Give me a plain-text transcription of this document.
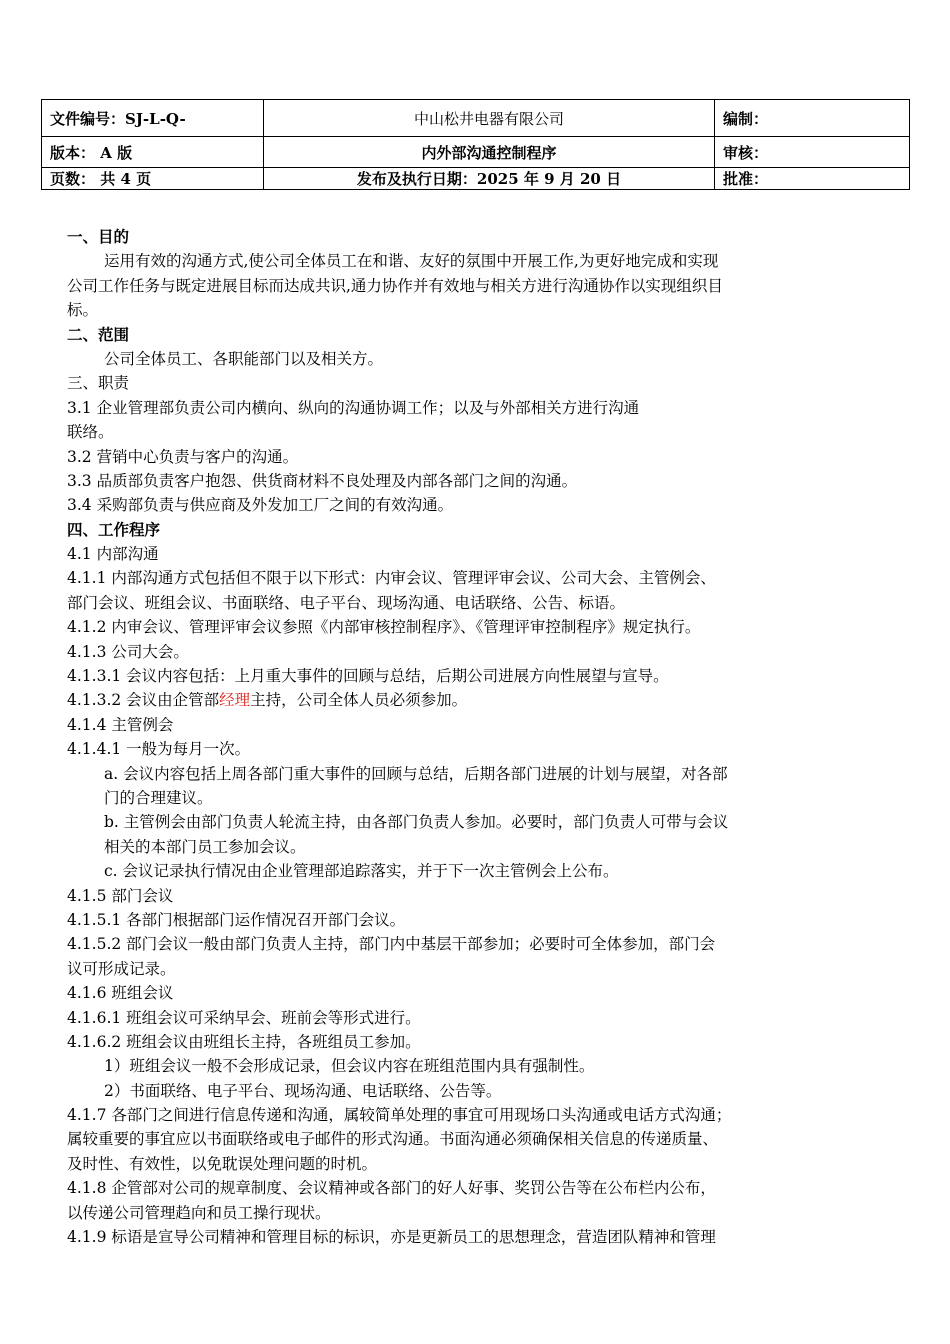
文件编号：SJ-L-Q-	中山松井电器有限公司	编制：
版本： A 版	内外部沟通控制程序	审核：
页数： 共 4 页	发布及执行日期：2025 年 9 月 20 日	批准：
一、目的
运用有效的沟通方式,使公司全体员工在和谐、友好的氛围中开展工作,为更好地完成和实现
公司工作任务与既定进展目标而达成共识,通力协作并有效地与相关方进行沟通协作以实现组织目
标。
二、范围
公司全体员工、各职能部门以及相关方。
三、职责
3.1 企业管理部负责公司内横向、纵向的沟通协调工作；以及与外部相关方进行沟通
联络。
3.2 营销中心负责与客户的沟通。
3.3 品质部负责客户抱怨、供货商材料不良处理及内部各部门之间的沟通。
3.4 采购部负责与供应商及外发加工厂之间的有效沟通。
四、工作程序
4.1 内部沟通
4.1.1 内部沟通方式包括但不限于以下形式：内审会议、管理评审会议、公司大会、主管例会、
部门会议、班组会议、书面联络、电子平台、现场沟通、电话联络、公告、标语。
4.1.2 内审会议、管理评审会议参照《内部审核控制程序》、《管理评审控制程序》规定执行。
4.1.3 公司大会。
4.1.3.1 会议内容包括：上月重大事件的回顾与总结，后期公司进展方向性展望与宣导。
4.1.3.2 会议由企管部经理主持，公司全体人员必须参加。
4.1.4 主管例会
4.1.4.1 一般为每月一次。
a. 会议内容包括上周各部门重大事件的回顾与总结，后期各部门进展的计划与展望，对各部
门的合理建议。
b. 主管例会由部门负责人轮流主持，由各部门负责人参加。必要时，部门负责人可带与会议
相关的本部门员工参加会议。
c. 会议记录执行情况由企业管理部追踪落实，并于下一次主管例会上公布。
4.1.5 部门会议
4.1.5.1 各部门根据部门运作情况召开部门会议。
4.1.5.2 部门会议一般由部门负责人主持，部门内中基层干部参加；必要时可全体参加，部门会
议可形成记录。
4.1.6 班组会议
4.1.6.1 班组会议可采纳早会、班前会等形式进行。
4.1.6.2 班组会议由班组长主持，各班组员工参加。
1）班组会议一般不会形成记录，但会议内容在班组范围内具有强制性。
2）书面联络、电子平台、现场沟通、电话联络、公告等。
4.1.7 各部门之间进行信息传递和沟通，属较简单处理的事宜可用现场口头沟通或电话方式沟通；
属较重要的事宜应以书面联络或电子邮件的形式沟通。书面沟通必须确保相关信息的传递质量、
及时性、有效性，以免耽误处理问题的时机。
4.1.8 企管部对公司的规章制度、会议精神或各部门的好人好事、奖罚公告等在公布栏内公布，
以传递公司管理趋向和员工操行现状。
4.1.9 标语是宣导公司精神和管理目标的标识，亦是更新员工的思想理念，营造团队精神和管理
